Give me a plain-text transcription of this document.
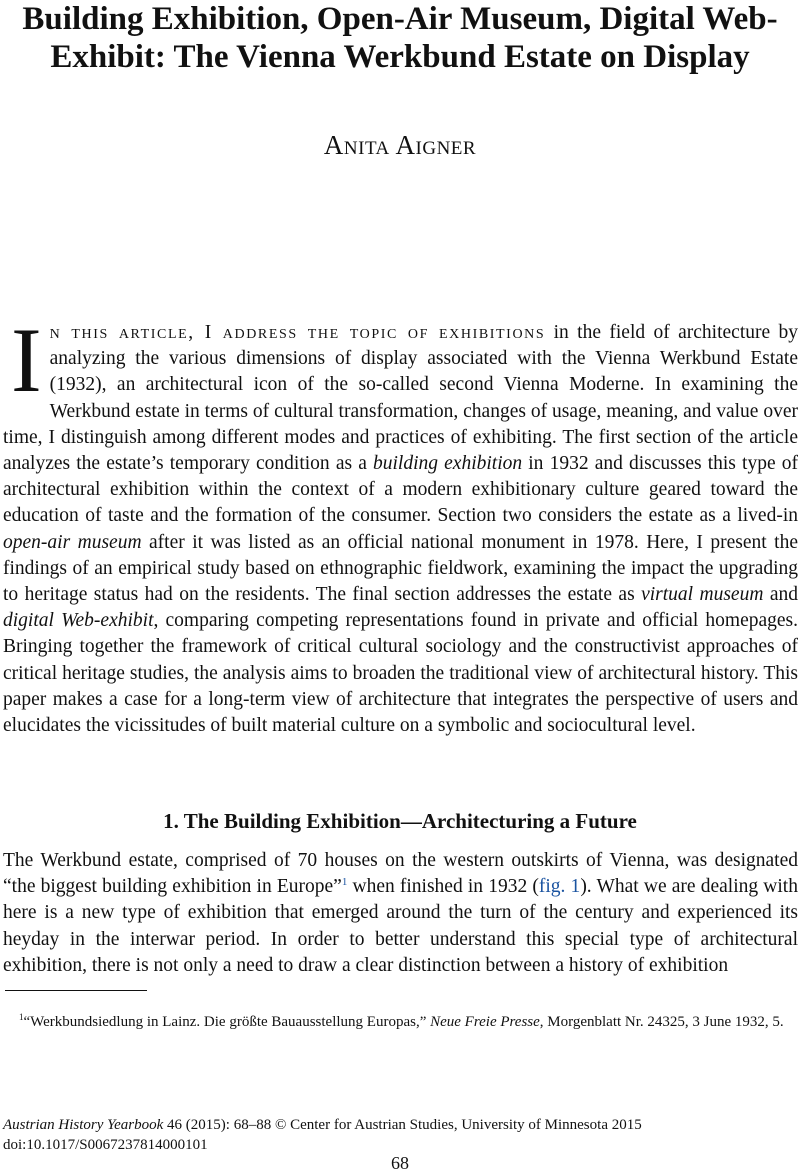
Building Exhibition, Open-Air Museum, Digital Web-Exhibit: The Vienna Werkbund Estate on Display
Anita Aigner

In this article, I address the topic of exhibitions in the field of architecture by analyzing the various dimensions of display associated with the Vienna Werkbund Estate (1932), an architectural icon of the so-called second Vienna Moderne. In examining the Werkbund estate in terms of cultural transformation, changes of usage, meaning, and value over time, I distinguish among different modes and practices of exhibiting. The first section of the article analyzes the estate’s temporary condition as a building exhibition in 1932 and discusses this type of architectural exhibition within the context of a modern exhibitionary culture geared toward the education of taste and the formation of the consumer. Section two considers the estate as a lived-in open-air museum after it was listed as an official national monument in 1978. Here, I present the findings of an empirical study based on ethnographic fieldwork, examining the impact the upgrading to heritage status had on the residents. The final section addresses the estate as virtual museum and digital Web-exhibit, comparing competing representations found in private and official homepages. Bringing together the framework of critical cultural sociology and the constructivist approaches of critical heritage studies, the analysis aims to broaden the traditional view of architectural history. This paper makes a case for a long-term view of architecture that integrates the perspective of users and elucidates the vicissitudes of built material culture on a symbolic and sociocultural level.

1. The Building Exhibition—Architecturing a Future

The Werkbund estate, comprised of 70 houses on the western outskirts of Vienna, was designated “the biggest building exhibition in Europe”$^1$ when finished in 1932 (fig. 1). What we are dealing with here is a new type of exhibition that emerged around the turn of the century and experienced its heyday in the interwar period. In order to better understand this special type of architectural exhibition, there is not only a need to draw a clear distinction between a history of exhibition

$^1$“Werkbundsiedlung in Lainz. Die größte Bauausstellung Europas,” Neue Freie Presse, Morgenblatt Nr. 24325, 3 June 1932, 5.

Austrian History Yearbook 46 (2015): 68–88 © Center for Austrian Studies, University of Minnesota 2015
doi:10.1017/S0067237814000101

68
